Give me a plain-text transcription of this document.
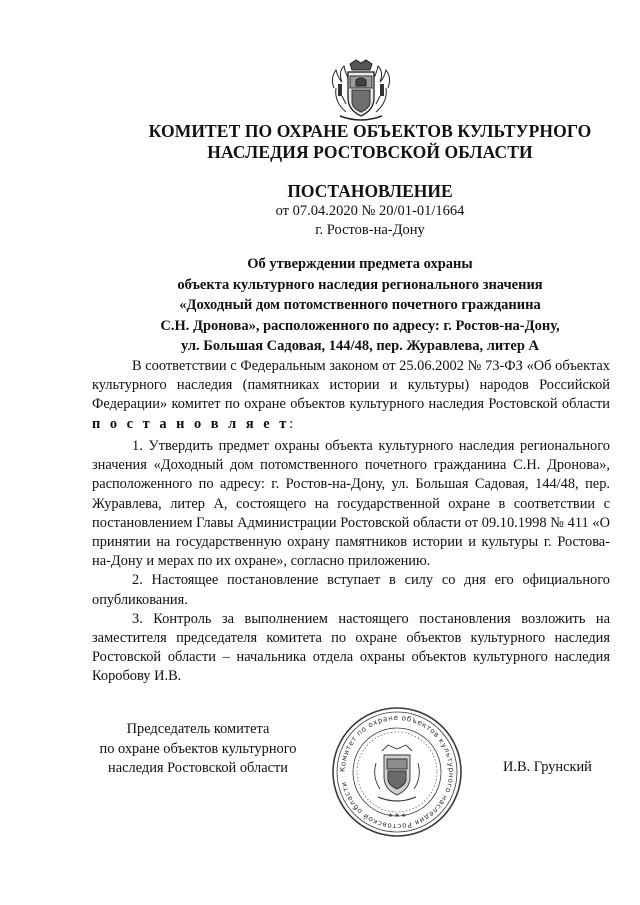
КОМИТЕТ ПО ОХРАНЕ ОБЪЕКТОВ КУЛЬТУРНОГО
НАСЛЕДИЯ РОСТОВСКОЙ ОБЛАСТИ
ПОСТАНОВЛЕНИЕ
от 07.04.2020 № 20/01-01/1664
г. Ростов-на-Дону
Об утверждении предмета охраны
объекта культурного наследия регионального значения
«Доходный дом потомственного почетного гражданина
С.Н. Дронова», расположенного по адресу: г. Ростов-на-Дону,
ул. Большая Садовая, 144/48, пер. Журавлева, литер А

В соответствии с Федеральным законом от 25.06.2002 № 73-ФЗ «Об объектах культурного наследия (памятниках истории и культуры) народов Российской Федерации» комитет по охране объектов культурного наследия Ростовской области п о с т а н о в л я е т:

1. Утвердить предмет охраны объекта культурного наследия регионального значения «Доходный дом потомственного почетного гражданина С.Н. Дронова», расположенного по адресу: г. Ростов-на-Дону, ул. Большая Садовая, 144/48, пер. Журавлева, литер А, состоящего на государственной охране в соответствии с постановлением Главы Администрации Ростовской области от 09.10.1998 № 411 «О принятии на государственную охрану памятников истории и культуры г. Ростова-на-Дону и мерах по их охране», согласно приложению.

2. Настоящее постановление вступает в силу со дня его официального опубликования.

3. Контроль за выполнением настоящего постановления возложить на заместителя председателя комитета по охране объектов культурного наследия Ростовской области – начальника отдела охраны объектов культурного наследия Коробову И.В.

Председатель комитета
по охране объектов культурного
наследия Ростовской области	Комитет по охране объектов культурного наследия Ростовской области
★ ★ ★
И.В. Грунский
